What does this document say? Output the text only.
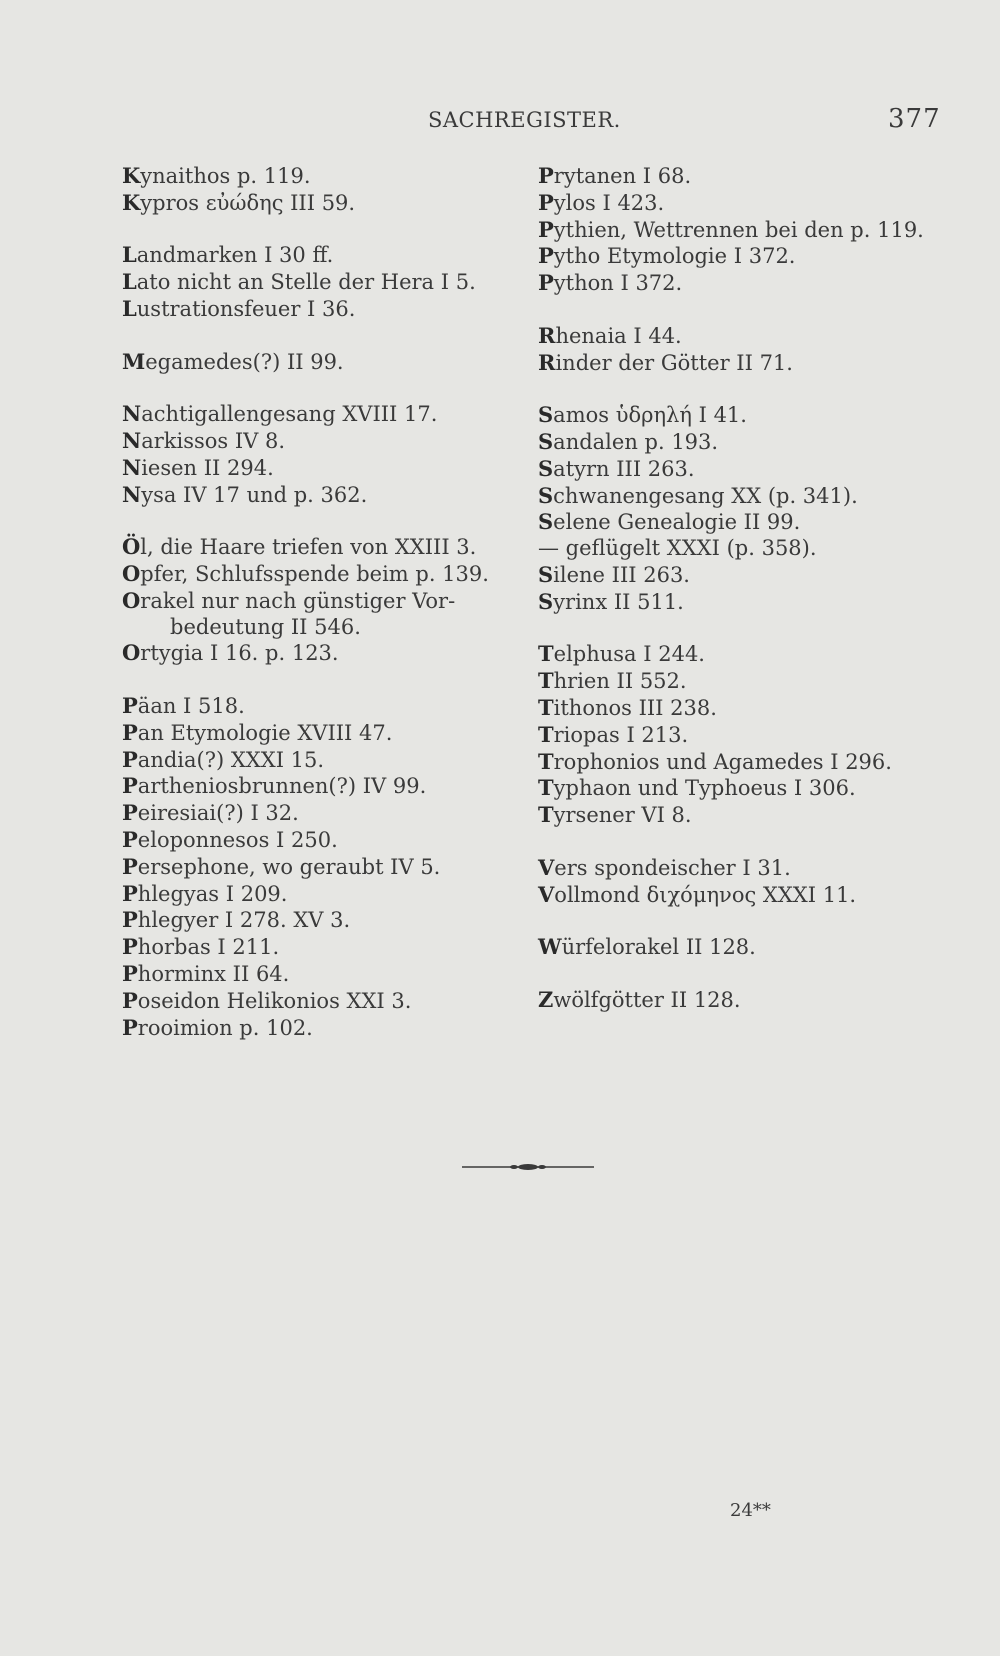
SACHREGISTER.	377
Kynaithos p. 119.
Kypros εὐώδης III 59.
Landmarken I 30 ff.
Lato nicht an Stelle der Hera I 5.
Lustrationsfeuer I 36.
Megamedes(?) II 99.
Nachtigallengesang XVIII 17.
Narkissos IV 8.
Niesen II 294.
Nysa IV 17 und p. 362.
Öl, die Haare triefen von XXIII 3.
Opfer, Schlufsspende beim p. 139.
Orakel nur nach günstiger Vor-
bedeutung II 546.
Ortygia I 16. p. 123.
Päan I 518.
Pan Etymologie XVIII 47.
Pandia(?) XXXI 15.
Partheniosbrunnen(?) IV 99.
Peiresiai(?) I 32.
Peloponnesos I 250.
Persephone, wo geraubt IV 5.
Phlegyas I 209.
Phlegyer I 278. XV 3.
Phorbas I 211.
Phorminx II 64.
Poseidon Helikonios XXI 3.
Prooimion p. 102.
Prytanen I 68.
Pylos I 423.
Pythien, Wettrennen bei den p. 119.
Pytho Etymologie I 372.
Python I 372.
Rhenaia I 44.
Rinder der Götter II 71.
Samos ὑδρηλή I 41.
Sandalen p. 193.
Satyrn III 263.
Schwanengesang XX (p. 341).
Selene Genealogie II 99.
— geflügelt XXXI (p. 358).
Silene III 263.
Syrinx II 511.
Telphusa I 244.
Thrien II 552.
Tithonos III 238.
Triopas I 213.
Trophonios und Agamedes I 296.
Typhaon und Typhoeus I 306.
Tyrsener VI 8.
Vers spondeischer I 31.
Vollmond διχόμηνος XXXI 11.
Würfelorakel II 128.
Zwölfgötter II 128.
24**
